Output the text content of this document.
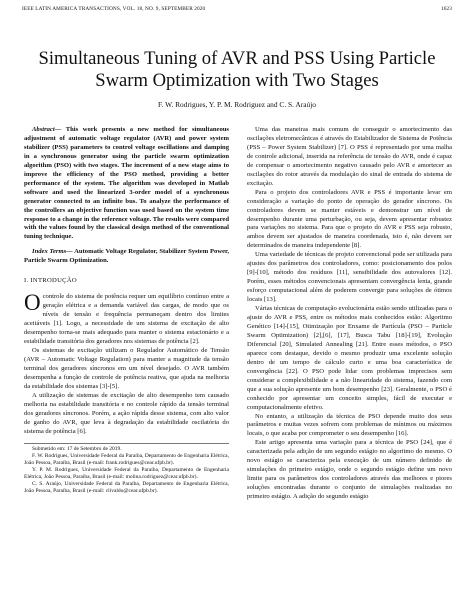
IEEE LATIN AMERICA TRANSACTIONS, VOL. 18, NO. 9, SEPTEMBER 2020	1623
Simultaneous Tuning of AVR and PSS Using Particle Swarm Optimization with Two Stages

F. W. Rodrigues, Y. P. M. Rodriguez and C. S. Araújo

Abstract— This work presents a new method for simultaneous adjustment of automatic voltage regulator (AVR) and power system stabilizer (PSS) parameters to control voltage oscillations and damping in a synchronous generator using the particle swarm optimization algorithm (PSO) with two stages. The increment of a new stage aims to improve the efficiency of the PSO method, providing a better performance of the system. The algorithm was developed in Matlab software and used the linearized 3-order model of a synchronous generator connected to an infinite bus. To analyze the performance of the controllers an objective function was used based on the system time response to a change in the reference voltage. The results were compared with the values found by the classical design method of the conventional tuning technique.

Index Terms— Automatic Voltage Regulator, Stabilizer System Power, Particle Swarm Optimization.

I. INTRODUÇÃO

O controle do sistema de potência requer um equilíbrio contínuo entre a geração elétrica e a demanda variável das cargas, de modo que os níveis de tensão e frequência permaneçam dentro dos limites aceitáveis [1]. Logo, a necessidade de um sistema de excitação de alto desempenho torna-se mais adequado para manter o sistema estacionário e a estabilidade transitória dos geradores nos sistemas de potência [2].

Os sistemas de excitação utilizam o Regulador Automático de Tensão (AVR – Automatic Voltage Regulation) para manter a magnitude da tensão terminal dos geradores síncronos em um nível desejado. O AVR também desempenha a função de controle de potência reativa, que ajuda na melhoria da estabilidade dos sistemas [3]-[5].

A utilização de sistemas de excitação de alto desempenho tem causado melhoria na estabilidade transitória e no controle rápido da tensão terminal dos geradores síncronos. Porém, a ação rápida desse sistema, com alto valor de ganho do AVR, que leva à degradação da estabilidade oscilatória do sistema de potência [6].

Submetido em: 17 de Setembro de 2019.

F. W. Rodrigues, Universidade Federal da Paraíba, Departamento de Engenharia Elétrica, João Pessoa, Paraíba, Brasil (e-mail: frank.rodrigues@cear.ufpb.br).

Y. P. M. Rodriguez, Universidade Federal da Paraíba, Departamento de Engenharia Elétrica, João Pessoa, Paraíba, Brasil (e-mail: molina.rodriguez@cear.ufpb.br).

C. S. Araújo, Universidade Federal da Paraíba, Departamento de Engenharia Elétrica, João Pessoa, Paraíba, Brasil (e-mail: clivaldo@cear.ufpb.br).

Uma das maneiras mais comum de conseguir o amortecimento das oscilações eletromecânicas é através do Estabilizador de Sistema de Potência (PSS – Power System Stabilizer) [7]. O PSS é representado por uma malha de controle adicional, inserida na referência de tensão do AVR, onde é capaz de compensar o amortecimento negativo causado pelo AVR e amortecer as oscilações do rotor através da modulação do sinal de entrada do sistema de excitação.

Para o projeto dos controladores AVR e PSS é importante levar em consideração a variação do ponto de operação do gerador síncrono. Os controladores devem se manter estáveis e demonstrar um nível de desempenho durante uma perturbação, ou seja, devem apresentar robustez para variações no sistema. Para que o projeto do AVR e PSS seja robusto, ambos devem ser ajustados de maneira coordenada, isto é, não devem ser determinados de maneira independente [8].

Uma variedade de técnicas de projeto convencional pode ser utilizada para ajustes dos parâmetros dos controladores, como: posicionamento dos polos [9]-[10], método dos resíduos [11], sensibilidade dos autovalores [12]. Porém, esses métodos convencionais apresentam convergência lenta, grande esforço computacional além de poderem convergir para soluções de ótimos locais [13].

Várias técnicas de computação evolucionária estão sendo utilizadas para o ajuste do AVR e PSS, entre os métodos mais conhecidos estão: Algoritmo Genético [14]-[15], Otimização por Enxame de Partícula (PSO – Particle Swarm Optimization) [2],[6], [17], Busca Tabu [18]-[19], Evolução Diferencial [20], Simulated Annealing [21]. Entre esses métodos, o PSO aparece com destaque, devido o mesmo produzir uma excelente solução dentro de um tempo de cálculo curto e uma boa característica de convergência [22]. O PSO pode lidar com problemas imprecisos sem considerar a complexibilidade e a não linearidade do sistema, fazendo com que a sua solução apresente um bom desempenho [23]. Geralmente, o PSO é conhecido por apresentar um conceito simples, fácil de executar e computacionalmente efetivo.

No entanto, a utilização da técnica de PSO depende muito dos seus parâmetros e muitas vezes sofrem com problemas de mínimos ou máximos locais, o que acaba por comprometer o seu desempenho [16].

Este artigo apresenta uma variação para a técnica de PSO [24], que é caracterizada pela adição de um segundo estágio no algoritmo do mesmo. O novo estágio se caracteriza pela execução de um número definido de simulações do primeiro estágio, onde o segundo estágio define um novo limite para os parâmetros dos controladores através das melhores e piores soluções encontradas durante o conjunto de simulações realizadas no primeiro estágio. A adição do segundo estágio
